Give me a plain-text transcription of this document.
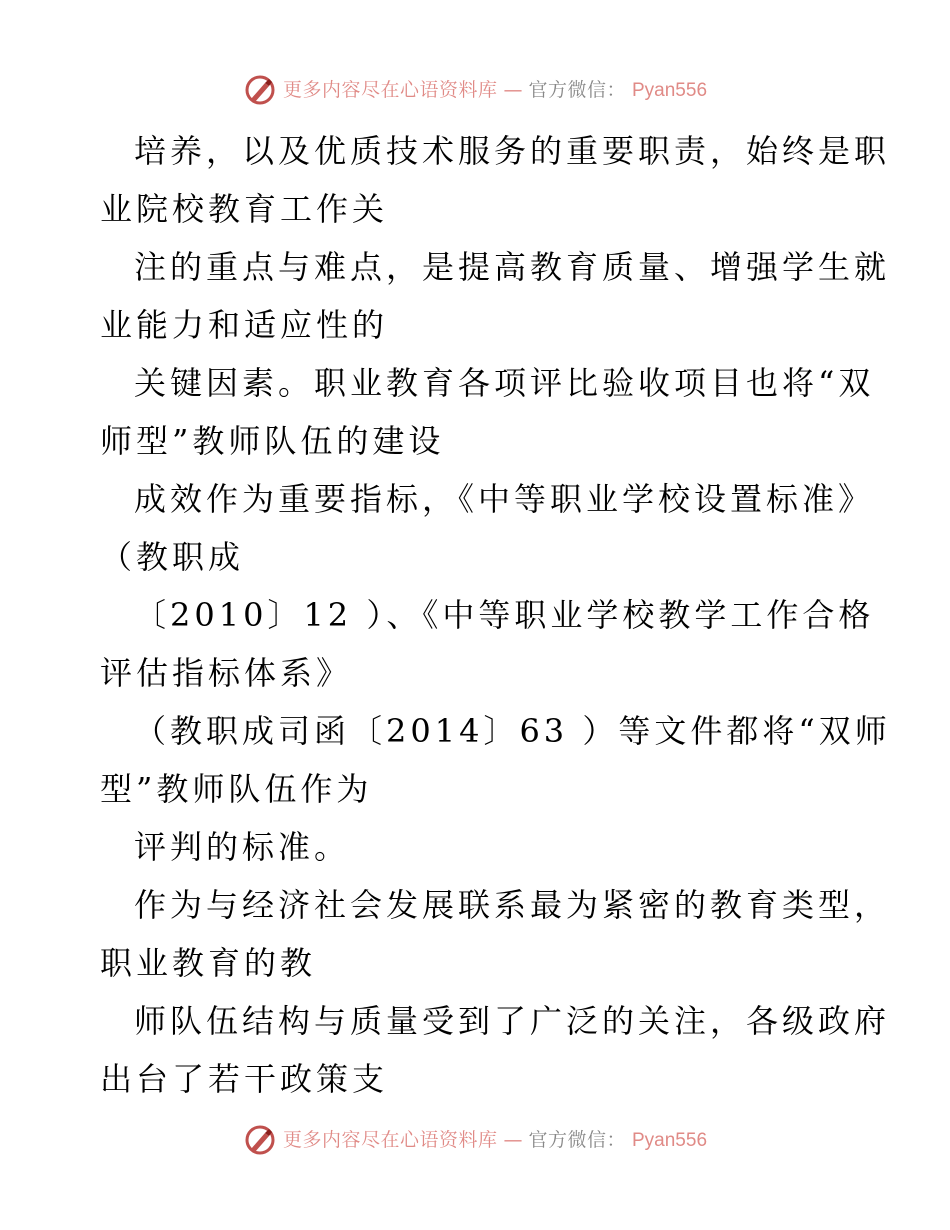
更多内容尽在心语资料库 — 官方微信： Pyan556
培养，以及优质技术服务的重要职责，始终是职
业院校教育工作关
注的重点与难点，是提高教育质量、增强学生就
业能力和适应性的
关键因素。职业教育各项评比验收项目也将“双
师型”教师队伍的建设
成效作为重要指标，《中等职业学校设置标准》
（教职成
〔2010〕12 ）、《中等职业学校教学工作合格
评估指标体系》
（教职成司函〔2014〕63 ）等文件都将“双师
型”教师队伍作为
评判的标准。
作为与经济社会发展联系最为紧密的教育类型，
职业教育的教
师队伍结构与质量受到了广泛的关注，各级政府
出台了若干政策支
更多内容尽在心语资料库 — 官方微信： Pyan556
